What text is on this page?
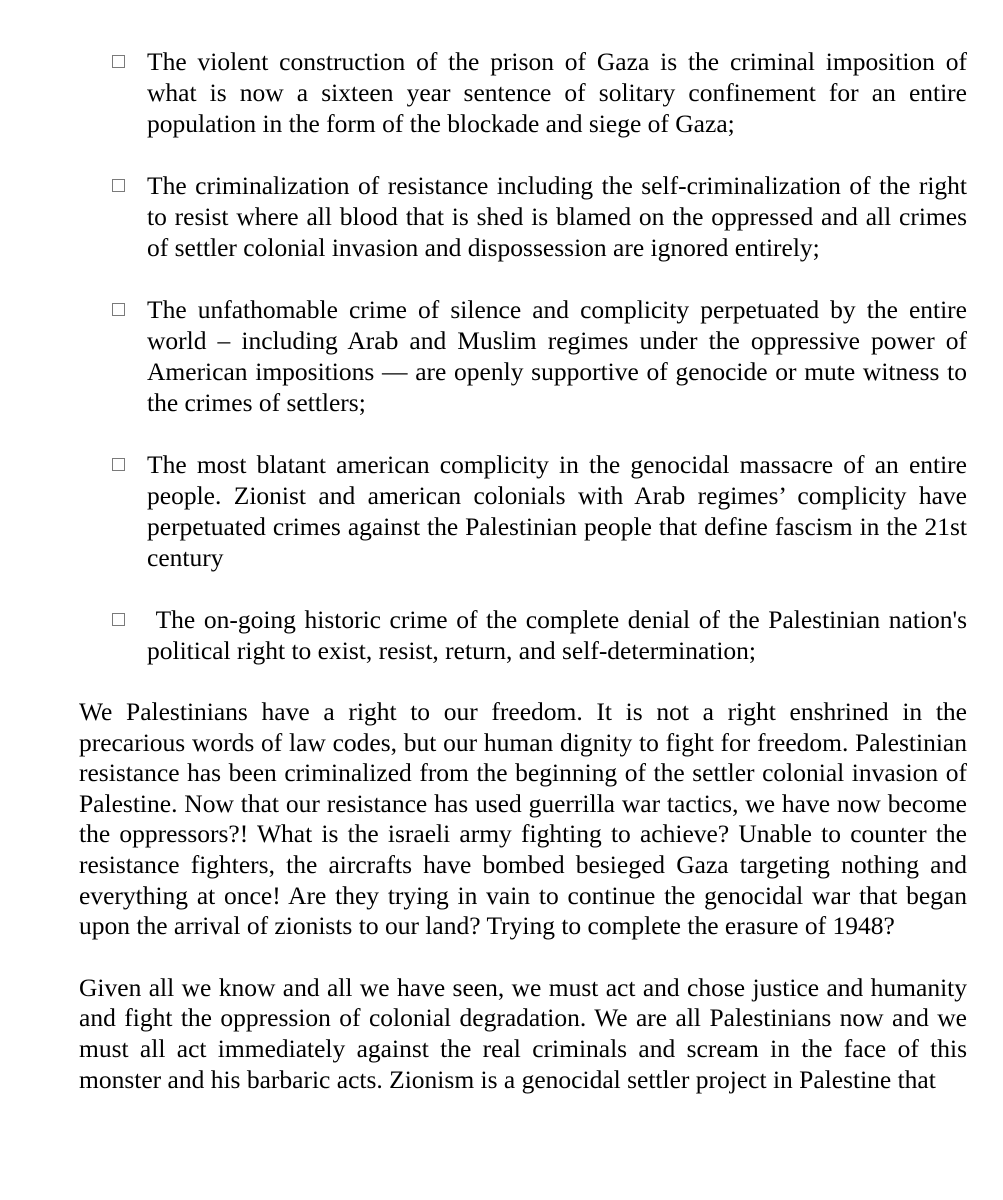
The violent construction of the prison of Gaza is the criminal imposition of what is now a sixteen year sentence of solitary confinement for an entire population in the form of the blockade and siege of Gaza;
The criminalization of resistance including the self-criminalization of the right to resist where all blood that is shed is blamed on the oppressed and all crimes of settler colonial invasion and dispossession are ignored entirely;
The unfathomable crime of silence and complicity perpetuated by the entire world – including Arab and Muslim regimes under the oppressive power of American impositions — are openly supportive of genocide or mute witness to the crimes of settlers;
The most blatant american complicity in the genocidal massacre of an entire people. Zionist and american colonials with Arab regimes’ complicity have perpetuated crimes against the Palestinian people that define fascism in the 21st century
The on-going historic crime of the complete denial of the Palestinian nation's political right to exist, resist, return, and self-determination;

We Palestinians have a right to our freedom. It is not a right enshrined in the precarious words of law codes, but our human dignity to fight for freedom. Palestinian resistance has been criminalized from the beginning of the settler colonial invasion of Palestine. Now that our resistance has used guerrilla war tactics, we have now become the oppressors?! What is the israeli army fighting to achieve? Unable to counter the resistance fighters, the aircrafts have bombed besieged Gaza targeting nothing and everything at once! Are they trying in vain to continue the genocidal war that began upon the arrival of zionists to our land? Trying to complete the erasure of 1948?

Given all we know and all we have seen, we must act and chose justice and humanity and fight the oppression of colonial degradation. We are all Palestinians now and we must all act immediately against the real criminals and scream in the face of this monster and his barbaric acts. Zionism is a genocidal settler project in Palestine that
